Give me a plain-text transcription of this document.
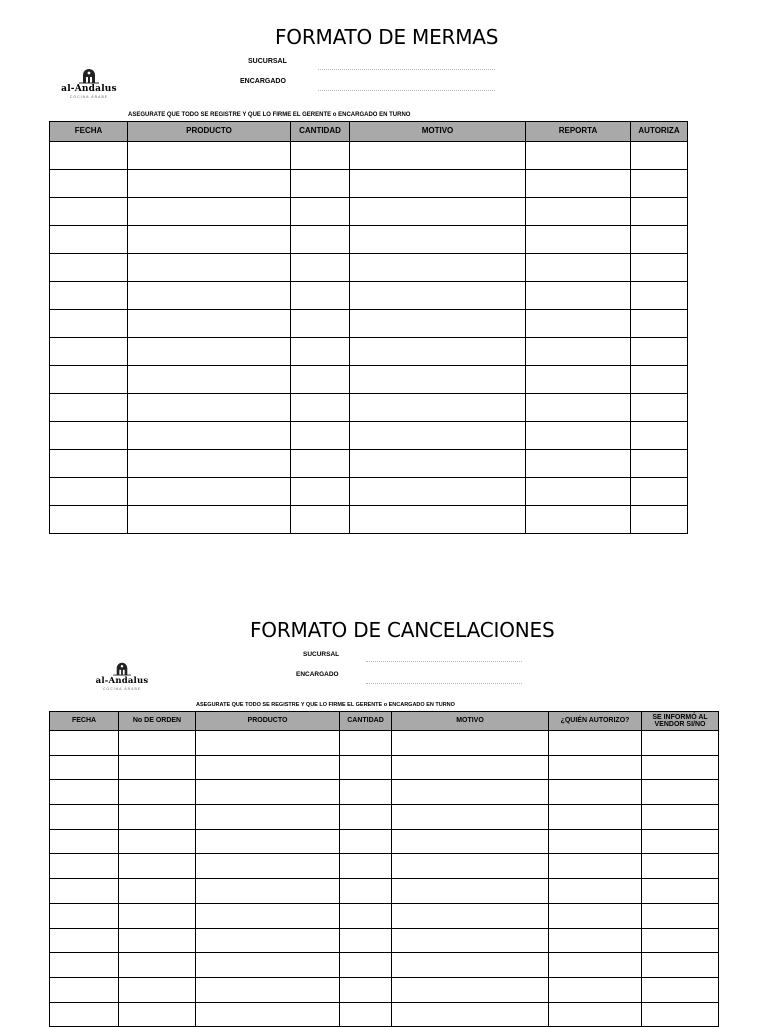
FORMATO DE MERMAS
al-Andalus
COCINA ÁRABE
SUCURSAL
ENCARGADO
ASEGURATE QUE TODO SE REGISTRE Y QUE LO FIRME EL GERENTE o ENCARGADO EN TURNO
FECHA	PRODUCTO	CANTIDAD	MOTIVO	REPORTA	AUTORIZA

FORMATO DE CANCELACIONES
al-Andalus
COCINA ÁRABE
SUCURSAL
ENCARGADO
ASEGURATE QUE TODO SE REGISTRE Y QUE LO FIRME EL GERENTE o ENCARGADO EN TURNO
FECHA	No DE ORDEN	PRODUCTO	CANTIDAD	MOTIVO	¿QUIÉN AUTORIZO?	SE INFORMÓ AL VENDOR SI/NO
